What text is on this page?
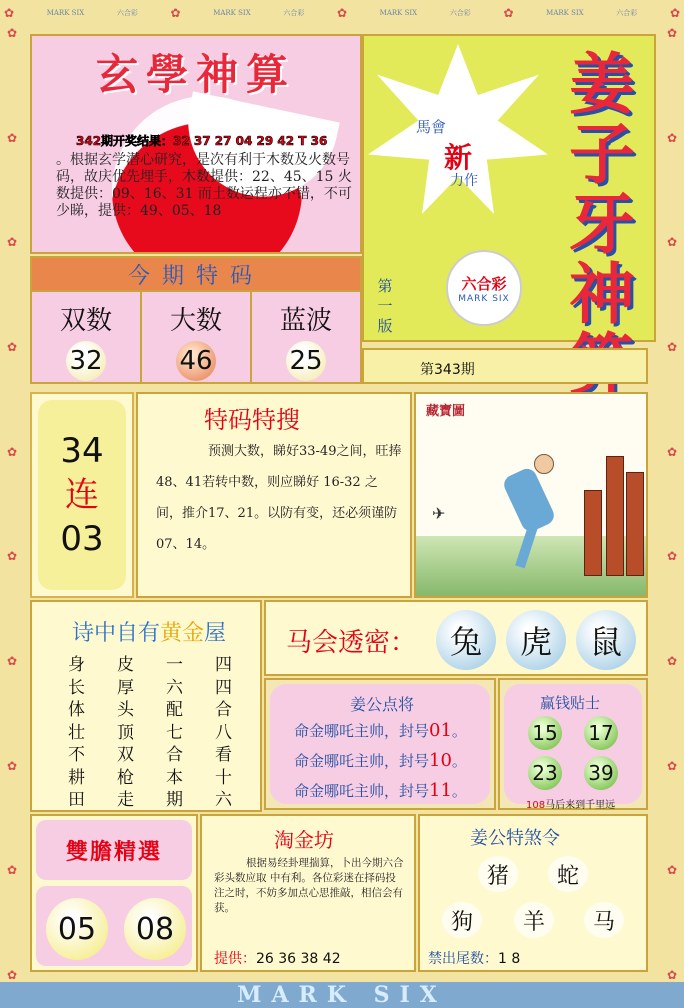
✿	MARK SIX	六合彩	✿	MARK SIX	六合彩	✿	MARK SIX	六合彩	✿	MARK SIX	六合彩	✿
✿
✿
✿
✿
✿
✿
✿
✿
✿
✿
✿
✿
✿
✿
✿
✿
✿
✿
✿
✿
MARK SIX
玄學神算
342期开奖结果：32 37 27 04 29 42 T 36
。根据玄学潜心研究，是次有利于木数及火数号码，故庆优先埋手，木数提供：22、45、15 火数提供：09、16、31 而土数运程亦不错，不可少睇，提供：49、05、18
馬會
新
力作
姜
子
牙
神
六合彩
MARK SIX
第
一
版
今期特码
双数
32
大数
46
蓝波
25	第343期
34
连
03
特码特搜
预测大数，睇好33-49之间，旺捧48、41若转中数，则应睇好 16-32 之间，推介17、21。以防有变，还必须谨防07、14。
藏寶圖
✈
诗中自有黄金屋
身	皮	一	四
长	厚	六	四
体	头	配	合
壮	顶	七	八
不	双	合	看
耕	枪	本	十
田	走	期	六
马会透密：	兔	虎	鼠
姜公点将
命金哪吒主帅，封号01。
命金哪吒主帅，封号10。
命金哪吒主帅，封号11。
赢钱贴士
15 17
23 39
108马后来到千里远
雙膽精選
05	08
淘金坊
根据易经卦理揣算，卜出今期六合彩头数应取 中有利。各位彩迷在择码投注之时，不妨多加点心思推敲，相信会有获。
提供：26 36 38 42
姜公特煞令
猪	蛇
狗	羊	马
禁出尾数：1 8
